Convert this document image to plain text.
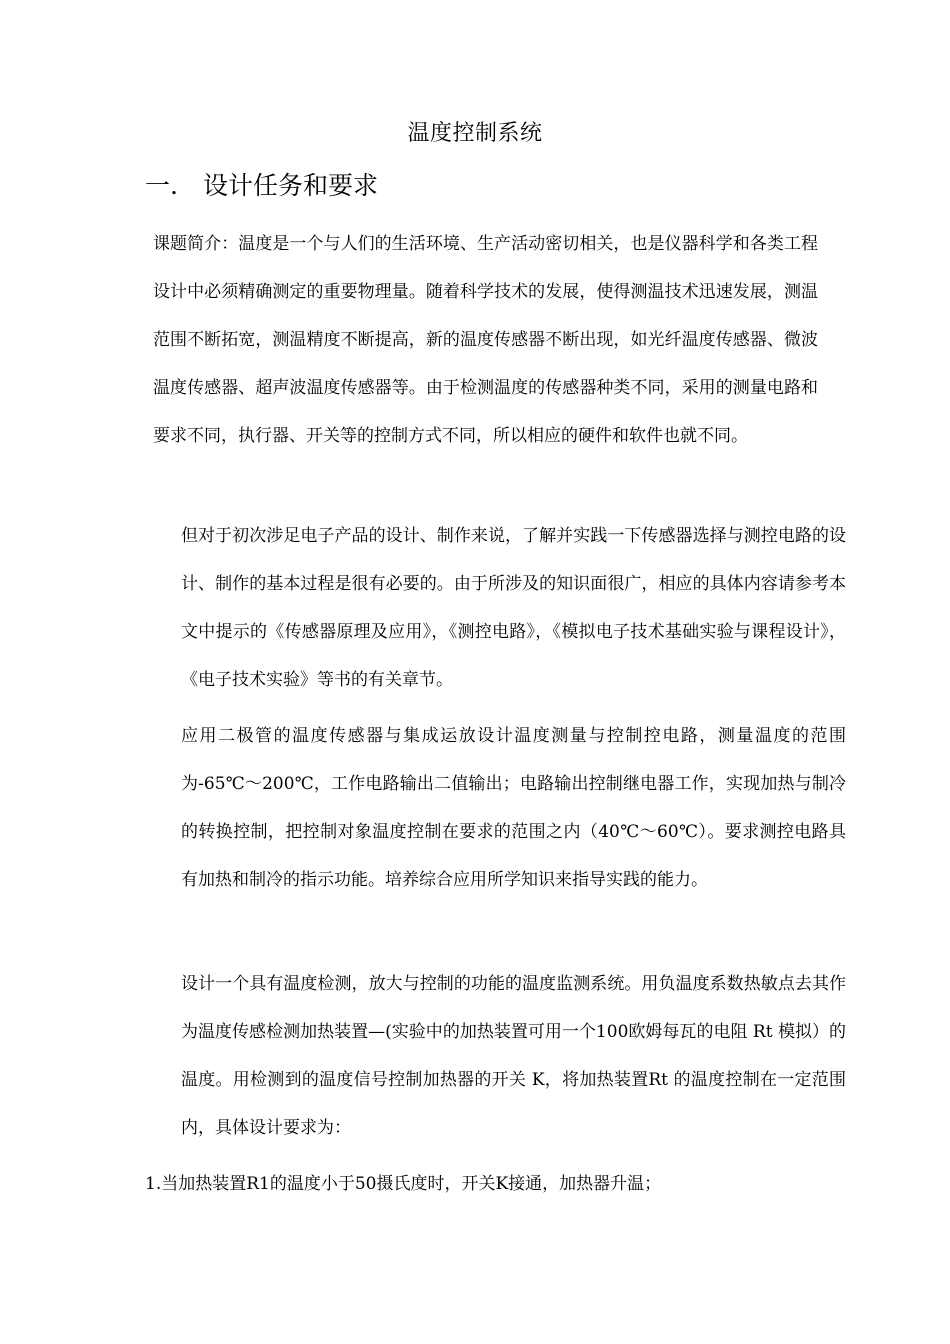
温度控制系统
一. 设计任务和要求

课题简介：温度是一个与人们的生活环境、生产活动密切相关，也是仪器科学和各类工程设计中必须精确测定的重要物理量。随着科学技术的发展，使得测温技术迅速发展，测温范围不断拓宽，测温精度不断提高，新的温度传感器不断出现，如光纤温度传感器、微波温度传感器、超声波温度传感器等。由于检测温度的传感器种类不同，采用的测量电路和要求不同，执行器、开关等的控制方式不同，所以相应的硬件和软件也就不同。

但对于初次涉足电子产品的设计、制作来说，了解并实践一下传感器选择与测控电路的设计、制作的基本过程是很有必要的。由于所涉及的知识面很广，相应的具体内容请参考本文中提示的《传感器原理及应用》，《测控电路》，《模拟电子技术基础实验与课程设计》，《电子技术实验》等书的有关章节。

应用二极管的温度传感器与集成运放设计温度测量与控制控电路，测量温度的范围为-65℃～200℃，工作电路输出二值输出；电路输出控制继电器工作，实现加热与制冷的转换控制，把控制对象温度控制在要求的范围之内（40℃～60℃）。要求测控电路具有加热和制冷的指示功能。培养综合应用所学知识来指导实践的能力。

设计一个具有温度检测，放大与控制的功能的温度监测系统。用负温度系数热敏点去其作为温度传感检测加热装置—(实验中的加热装置可用一个100欧姆每瓦的电阻 Rt 模拟）的温度。用检测到的温度信号控制加热器的开关 K，将加热装置Rt 的温度控制在一定范围内，具体设计要求为：

1.当加热装置R1的温度小于50摄氏度时，开关K接通，加热器升温；
